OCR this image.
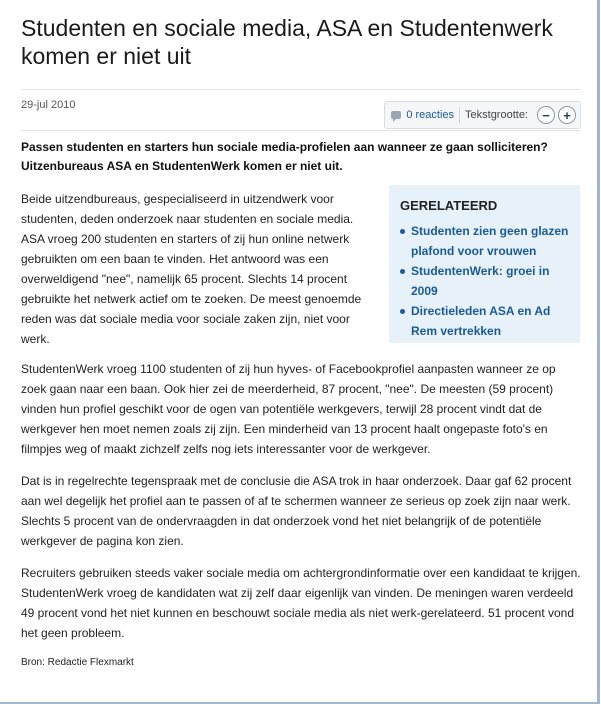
Studenten en sociale media, ASA en Studentenwerk komen er niet uit
29-jul 2010
0 reacties Tekstgrootte: − +
Passen studenten en starters hun sociale media-profielen aan wanneer ze gaan solliciteren? Uitzenbureaus ASA en StudentenWerk komen er niet uit.
Beide uitzendbureaus, gespecialiseerd in uitzendwerk voor studenten, deden onderzoek naar studenten en sociale media. ASA vroeg 200 studenten en starters of zij hun online netwerk gebruikten om een baan te vinden. Het antwoord was een overweldigend "nee", namelijk 65 procent. Slechts 14 procent gebruikte het netwerk actief om te zoeken. De meest genoemde reden was dat sociale media voor sociale zaken zijn, niet voor werk.
GERELATEERD
Studenten zien geen glazen plafond voor vrouwen
StudentenWerk: groei in 2009
Directieleden ASA en Ad Rem vertrekken
StudentenWerk vroeg 1100 studenten of zij hun hyves- of Facebookprofiel aanpasten wanneer ze op zoek gaan naar een baan. Ook hier zei de meerderheid, 87 procent, "nee". De meesten (59 procent) vinden hun profiel geschikt voor de ogen van potentiële werkgevers, terwijl 28 procent vindt dat de werkgever hen moet nemen zoals zij zijn. Een minderheid van 13 procent haalt ongepaste foto's en filmpjes weg of maakt zichzelf zelfs nog iets interessanter voor de werkgever.
Dat is in regelrechte tegenspraak met de conclusie die ASA trok in haar onderzoek. Daar gaf 62 procent aan wel degelijk het profiel aan te passen of af te schermen wanneer ze serieus op zoek zijn naar werk. Slechts 5 procent van de ondervraagden in dat onderzoek vond het niet belangrijk of de potentiële werkgever de pagina kon zien.
Recruiters gebruiken steeds vaker sociale media om achtergrondinformatie over een kandidaat te krijgen. StudentenWerk vroeg de kandidaten wat zij zelf daar eigenlijk van vinden. De meningen waren verdeeld 49 procent vond het niet kunnen en beschouwt sociale media als niet werk-gerelateerd. 51 procent vond het geen probleem.
Bron: Redactie Flexmarkt
